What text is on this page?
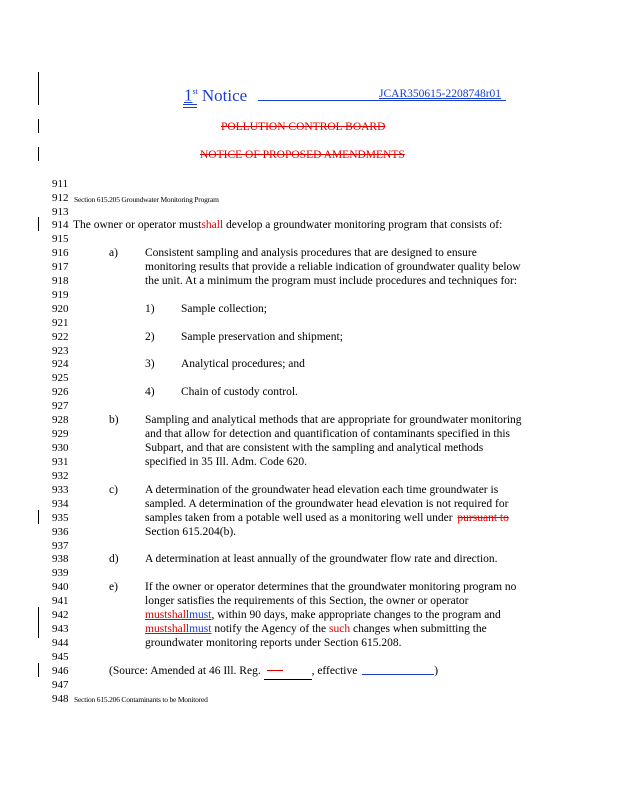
1st Notice	JCAR350615-2208748r01
POLLUTION CONTROL BOARD
NOTICE OF PROPOSED AMENDMENTS
911
912
913
914
915
916
917
918
919
920
921
922
923
924
925
926
927
928
929
930
931
932
933
934
935
936
937
938
939
940
941
942
943
944
945
946
947
948
Section 615.205 Groundwater Monitoring Program
The owner or operator mustshall develop a groundwater monitoring program that consists of:
a) Consistent sampling and analysis procedures that are designed to ensure
monitoring results that provide a reliable indication of groundwater quality below
the unit. At a minimum the program must include procedures and techniques for:
1) Sample collection;
2) Sample preservation and shipment;
3) Analytical procedures; and
4) Chain of custody control.
b) Sampling and analytical methods that are appropriate for groundwater monitoring
and that allow for detection and quantification of contaminants specified in this
Subpart, and that are consistent with the sampling and analytical methods
specified in 35 Ill. Adm. Code 620.
c) A determination of the groundwater head elevation each time groundwater is
sampled. A determination of the groundwater head elevation is not required for
samples taken from a potable well used as a monitoring well under pursuant to
Section 615.204(b).
d) A determination at least annually of the groundwater flow rate and direction.
e) If the owner or operator determines that the groundwater monitoring program no
longer satisfies the requirements of this Section, the owner or operator
mustshallmust, within 90 days, make appropriate changes to the program and
mustshallmust notify the Agency of the such changes when submitting the
groundwater monitoring reports under Section 615.208.
(Source: Amended at 46 Ill. Reg.	, effective	)
Section 615.206 Contaminants to be Monitored
